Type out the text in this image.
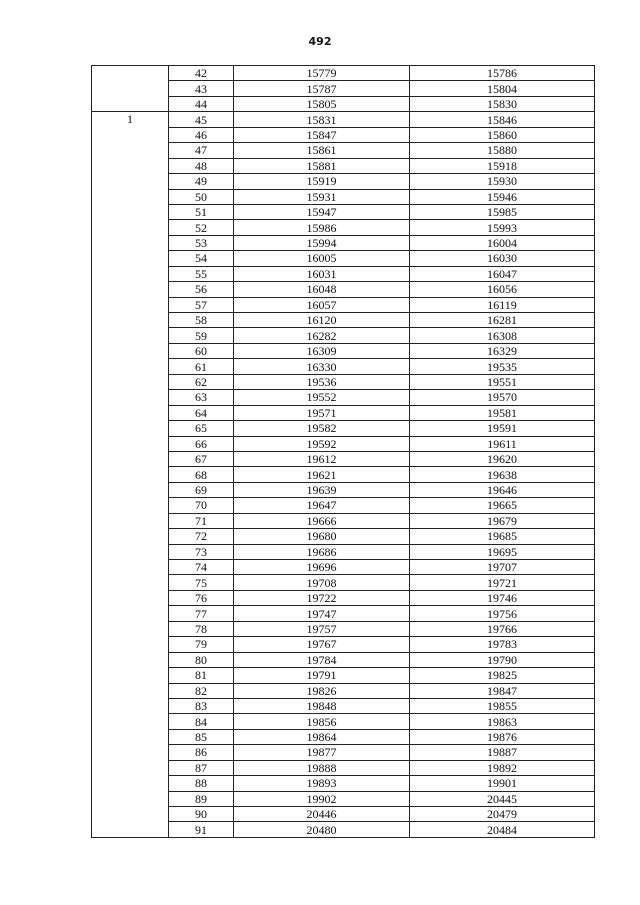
492
	42	15779	15786
	43	15787	15804
	44	15805	15830
1	45	15831	15846
	46	15847	15860
	47	15861	15880
	48	15881	15918
	49	15919	15930
	50	15931	15946
	51	15947	15985
	52	15986	15993
	53	15994	16004
	54	16005	16030
	55	16031	16047
	56	16048	16056
	57	16057	16119
	58	16120	16281
	59	16282	16308
	60	16309	16329
	61	16330	19535
	62	19536	19551
	63	19552	19570
	64	19571	19581
	65	19582	19591
	66	19592	19611
	67	19612	19620
	68	19621	19638
	69	19639	19646
	70	19647	19665
	71	19666	19679
	72	19680	19685
	73	19686	19695
	74	19696	19707
	75	19708	19721
	76	19722	19746
	77	19747	19756
	78	19757	19766
	79	19767	19783
	80	19784	19790
	81	19791	19825
	82	19826	19847
	83	19848	19855
	84	19856	19863
	85	19864	19876
	86	19877	19887
	87	19888	19892
	88	19893	19901
	89	19902	20445
	90	20446	20479
	91	20480	20484
